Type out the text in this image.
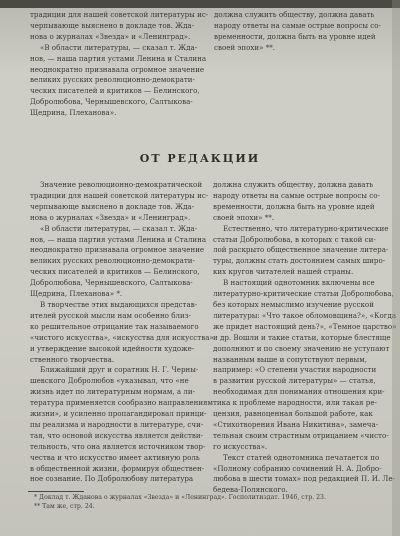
традиции для нашей советской литературы ис-
черпывающе выяснено в докладе тов. Жда-
нова о журналах «Звезда» и «Ленинград».
«В области литературы, — сказал т. Жда-
нов, — наша партия устами Ленина и Сталина
неоднократно признавала огромное значение
великих русских революционно-демократи-
ческих писателей и критиков — Белинского,
Добролюбова, Чернышевского, Салтыкова-
Щедрина, Плеханова».
должна служить обществу, должна давать
народу ответы на самые острые вопросы со-
временности, должна быть на уровне идей
своей эпохи» **.
ОТ РЕДАКЦИИ
Значение революционно-демократической
традиции для нашей советской литературы ис-
черпывающе выяснено в докладе тов. Жда-
нова о журналах «Звезда» и «Ленинград».
«В области литературы, — сказал т. Жда-
нов, — наша партия устами Ленина и Сталина
неоднократно признавала огромное значение
великих русских революционно-демократи-
ческих писателей и критиков — Белинского,
Добролюбова, Чернышевского, Салтыкова-
Щедрина, Плеханова» *.
В творчестве этих выдающихся представ-
ителей русской мысли нам особенно близ-
ко решительное отрицание так называемого
«чистого искусства», «искусства для искусства»
и утверждение высокой идейности художе-
ственного творчества.
Ближайший друг и соратник Н. Г. Черны-
шевского Добролюбов «указывал, что «не
жизнь идет по литературным нормам, а ли-
тература применяется сообразно направлениям
жизни», и усиленно пропагандировал принци-
пы реализма и народности в литературе, счи-
тая, что основой искусства является действи-
тельность, что она является источником твор-
чества и что искусство имеет активную роль
в общественной жизни, формируя обществен-
ное сознание. По Добролюбову литература
должна служить обществу, должна давать
народу ответы на самые острые вопросы со-
временности, должна быть на уровне идей
своей эпохи» **.
Естественно, что литературно-критические
статьи Добролюбова, в которых с такой си-
лой раскрыто общественное значение литера-
туры, должны стать достоянием самых широ-
ких кругов читателей нашей страны.
В настоящий однотомник включены все
литературно-критические статьи Добролюбова,
без которых немыслимо изучение русской
литературы: «Что такое обломовщина?», «Когда
же придет настоящий день?», «Темное царство»
и др. Вошли и такие статьи, которые блестяще
дополняют и по своему значению не уступают
названным выше и сопутствуют первым,
например: «О степени участия народности
в развитии русской литературы» — статья,
необходимая для понимания отношения кри-
тика к проблеме народности, или такая ре-
цензия, равноценная большой работе, как
«Стихотворения Ивана Никитина», замеча-
тельная своим страстным отрицанием «чисто-
го искусства».
Текст статей однотомника печатается по
«Полному собранию сочинений Н. А. Добро-
любова в шести томах» под редакцией П. И. Ле-
бедева-Полянского.
* Доклад т. Жданова о журналах «Звезда» и «Ленинград». Госполитиздат. 1946, стр. 23.
** Там же, стр. 24.
